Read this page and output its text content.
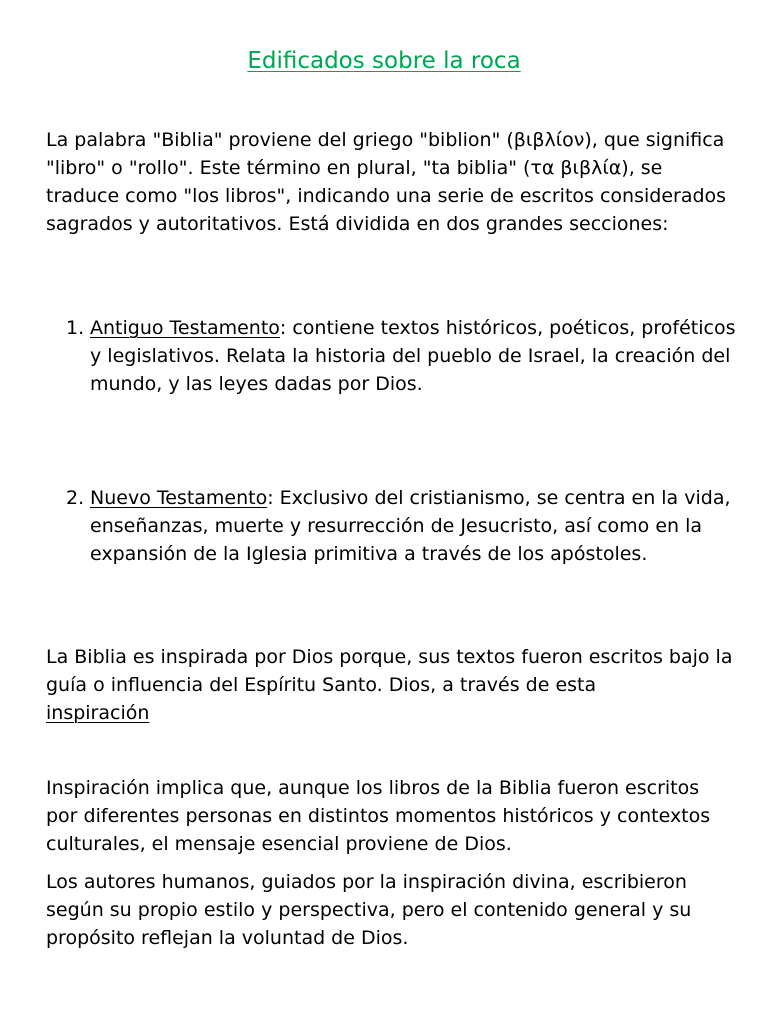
Edificados sobre la roca

La palabra "Biblia" proviene del griego "biblion" (βιβλίον), que significa "libro" o "rollo". Este término en plural, "ta biblia" (τα βιβλία), se traduce como "los libros", indicando una serie de escritos considerados sagrados y autoritativos. Está dividida en dos grandes secciones:

1. Antiguo Testamento: contiene textos históricos, poéticos, proféticos y legislativos. Relata la historia del pueblo de Israel, la creación del mundo, y las leyes dadas por Dios.

2. Nuevo Testamento: Exclusivo del cristianismo, se centra en la vida, enseñanzas, muerte y resurrección de Jesucristo, así como en la expansión de la Iglesia primitiva a través de los apóstoles.

La Biblia es inspirada por Dios porque, sus textos fueron escritos bajo la guía o influencia del Espíritu Santo. Dios, a través de esta
inspiración

Inspiración implica que, aunque los libros de la Biblia fueron escritos por diferentes personas en distintos momentos históricos y contextos culturales, el mensaje esencial proviene de Dios.

Los autores humanos, guiados por la inspiración divina, escribieron según su propio estilo y perspectiva, pero el contenido general y su propósito reflejan la voluntad de Dios.
